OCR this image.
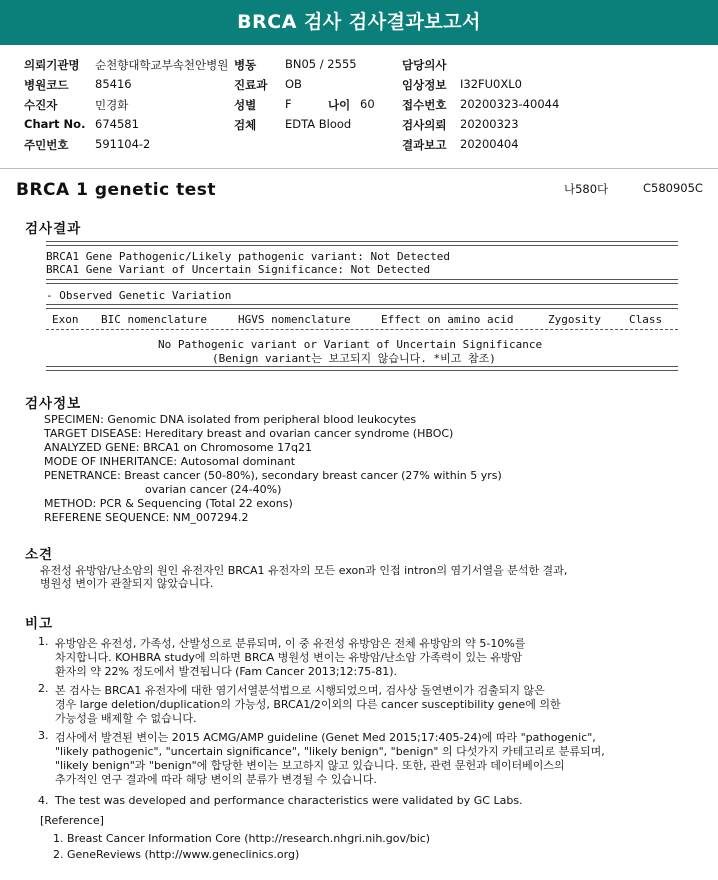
BRCA 검사 검사결과보고서
의뢰기관명 순천향대학교부속천안병원 병동	BN05 / 2555	담당의사
병원코드 85416	진료과 OB	임상정보 I32FU0XL0
수진자	민경화	성별	F	나이 60 접수번호 20200323-40044
Chart No. 674581	검체	EDTA Blood	검사의뢰 20200323
주민번호 591104-2	결과보고 20200404
BRCA 1 genetic test	나580다	C580905C
검사결과
BRCA1 Gene Pathogenic/Likely pathogenic variant: Not Detected
BRCA1 Gene Variant of Uncertain Significance: Not Detected
- Observed Genetic Variation
Exon BIC nomenclature	HGVS nomenclature	Effect on amino acid	Zygosity	Class
No Pathogenic variant or Variant of Uncertain Significance
(Benign variant는 보고되지 않습니다. *비고 참조)
검사정보
SPECIMEN: Genomic DNA isolated from peripheral blood leukocytes
TARGET DISEASE: Hereditary breast and ovarian cancer syndrome (HBOC)
ANALYZED GENE: BRCA1 on Chromosome 17q21
MODE OF INHERITANCE: Autosomal dominant
PENETRANCE: Breast cancer (50-80%), secondary breast cancer (27% within 5 yrs)
ovarian cancer (24-40%)
METHOD: PCR & Sequencing (Total 22 exons)
REFERENE SEQUENCE: NM_007294.2
소견
유전성 유방암/난소암의 원인 유전자인 BRCA1 유전자의 모든 exon과 인접 intron의 염기서열을 분석한 결과,
병원성 변이가 관찰되지 않았습니다.
비고
1. 유방암은 유전성, 가족성, 산발성으로 분류되며, 이 중 유전성 유방암은 전체 유방암의 약 5-10%를
차지합니다. KOHBRA study에 의하면 BRCA 병원성 변이는 유방암/난소암 가족력이 있는 유방암
환자의 약 22% 정도에서 발견됩니다 (Fam Cancer 2013;12:75-81).
2. 본 검사는 BRCA1 유전자에 대한 염기서열분석법으로 시행되었으며, 검사상 돌연변이가 검출되지 않은
경우 large deletion/duplication의 가능성, BRCA1/2이외의 다른 cancer susceptibility gene에 의한
가능성을 배제할 수 없습니다.
3. 검사에서 발견된 변이는 2015 ACMG/AMP guideline (Genet Med 2015;17:405-24)에 따라 "pathogenic",
"likely pathogenic", "uncertain significance", "likely benign", "benign" 의 다섯가지 카테고리로 분류되며,
"likely benign"과 "benign"에 합당한 변이는 보고하지 않고 있습니다. 또한, 관련 문헌과 데이터베이스의
추가적인 연구 결과에 따라 해당 변이의 분류가 변경될 수 있습니다.
4. The test was developed and performance characteristics were validated by GC Labs.
[Reference]
1. Breast Cancer Information Core (http://research.nhgri.nih.gov/bic)
2. GeneReviews (http://www.geneclinics.org)
